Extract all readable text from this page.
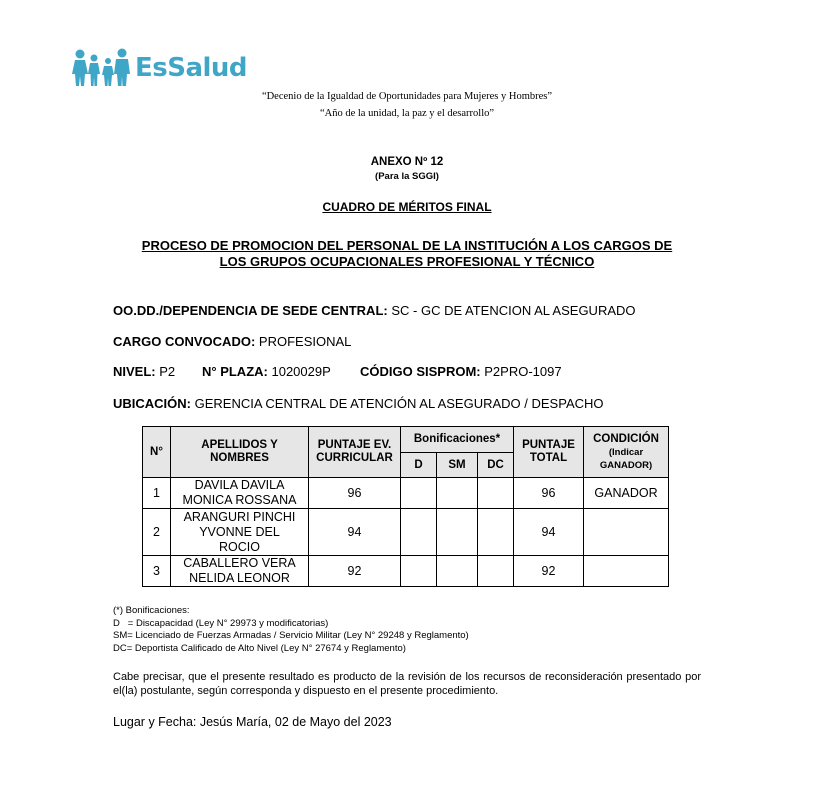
EsSalud
“Decenio de la Igualdad de Oportunidades para Mujeres y Hombres”
“Año de la unidad, la paz y el desarrollo”
ANEXO Nº 12
(Para la SGGI)
CUADRO DE MÉRITOS FINAL
PROCESO DE PROMOCION DEL PERSONAL DE LA INSTITUCIÓN A LOS CARGOS DE
LOS GRUPOS OCUPACIONALES PROFESIONAL Y TÉCNICO
OO.DD./DEPENDENCIA DE SEDE CENTRAL: SC - GC DE ATENCION AL ASEGURADO
CARGO CONVOCADO: PROFESIONAL
NIVEL: P2 N° PLAZA: 1020029P CÓDIGO SISPROM: P2PRO-1097
UBICACIÓN: GERENCIA CENTRAL DE ATENCIÓN AL ASEGURADO / DESPACHO
N°	APELLIDOS Y NOMBRES	PUNTAJE EV. CURRICULAR	Bonificaciones*			PUNTAJE TOTAL	CONDICIÓN
(Indicar GANADOR)

			D	SM	DC		
1	DAVILA DAVILA MONICA ROSSANA	96				96	GANADOR
2	ARANGURI PINCHI YVONNE DEL ROCIO	94				94	
3	CABALLERO VERA NELIDA LEONOR	92				92	
(*) Bonificaciones:
D   = Discapacidad (Ley N° 29973 y modificatorias)
SM= Licenciado de Fuerzas Armadas / Servicio Militar (Ley N° 29248 y Reglamento)
DC= Deportista Calificado de Alto Nivel (Ley N° 27674 y Reglamento)
Cabe precisar, que el presente resultado es producto de la revisión de los recursos de reconsideración presentado por el(la) postulante, según corresponda y dispuesto en el presente procedimiento.
Lugar y Fecha: Jesús María, 02 de Mayo del 2023
